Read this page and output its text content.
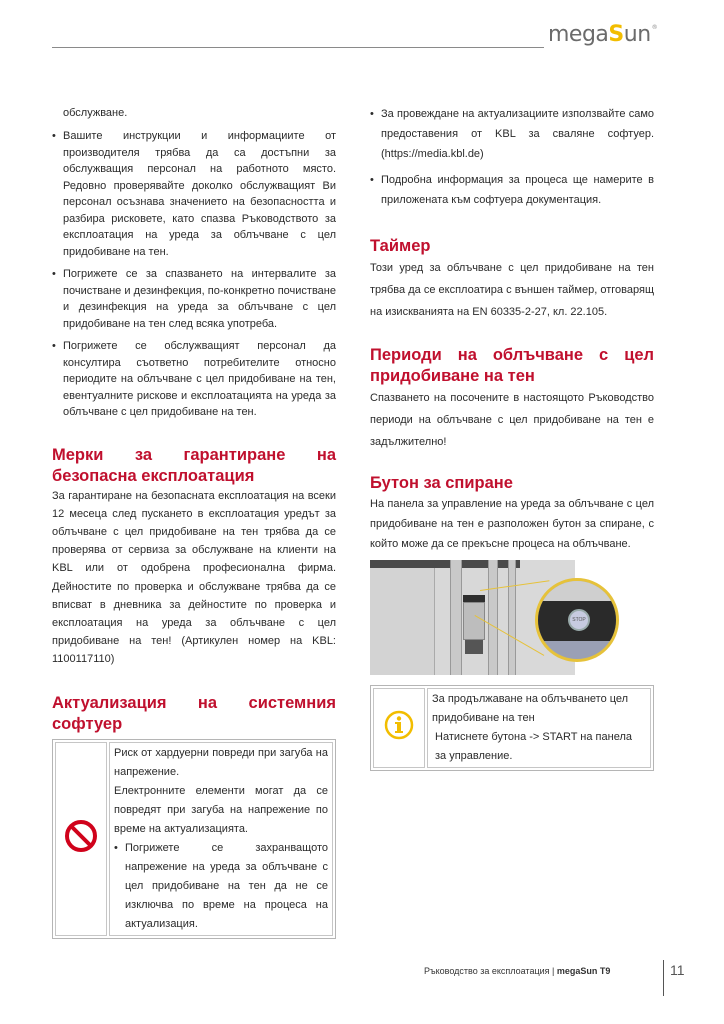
megaSun®

обслужване.

• Вашите инструкции и информациите от производителя трябва да са достъпни за обслужващия персонал на работното място. Редовно проверявайте доколко обслужващият Ви персонал осъзнава значението на безопасността и разбира рисковете, като спазва Ръководството за експлоатация на уреда за облъчване с цел придобиване на тен.
• Погрижете се за спазването на интервалите за почистване и дезинфекция, по-конкретно почистване и дезинфекция на уреда за облъчване с цел придобиване на тен след всяка употреба.
• Погрижете се обслужващият персонал да консултира съответно потребителите относно периодите на облъчване с цел придобиване на тен, евентуалните рискове и експлоатацията на уреда за облъчване с цел придобиване на тен.
Мерки за гарантиране на безопасна експлоатация

За гарантиране на безопасната експлоатация на всеки 12 месеца след пускането в експлоатация уредът за облъчване с цел придобиване на тен трябва да се проверява от сервиза за обслужване на клиенти на KBL или от одобрена професионална фирма. Дейностите по проверка и обслужване трябва да се вписват в дневника за дейностите по проверка и експлоатация на уреда за облъчване с цел придобиване на тен! (Артикулен номер на KBL: 1100117110)

Актуализация на системния софтуер

Риск от хардуерни повреди при загуба на напрежение.

Електронните елементи могат да се повредят при загуба на напрежение по време на актуализацията.

• Погрижете се захранващото напрежение на уреда за облъчване с цел придобиване на тен да не се изключва по време на процеса на актуализация.
• За провеждане на актуализациите използвайте само предоставения от KBL за сваляне софтуер. (https://media.kbl.de)
• Подробна информация за процеса ще намерите в приложената към софтуера документация.
Таймер

Този уред за облъчване с цел придобиване на тен трябва да се експлоатира с външен таймер, отговарящ на изискванията на EN 60335-2-27, кл. 22.105.

Периоди на облъчване с цел придобиване на тен

Спазването на посочените в настоящото Ръководство периоди на облъчване с цел придобиване на тен е задължително!

Бутон за спиране

На панела за управление на уреда за облъчване с цел придобиване на тен е разположен бутон за спиране, с който може да се прекъсне процеса на облъчване.

STOP

За продължаване на облъчването цел придобиване на тен

Натиснете бутона -> START на панела за управление.

Ръководство за експлоатация | megaSun T9	11
